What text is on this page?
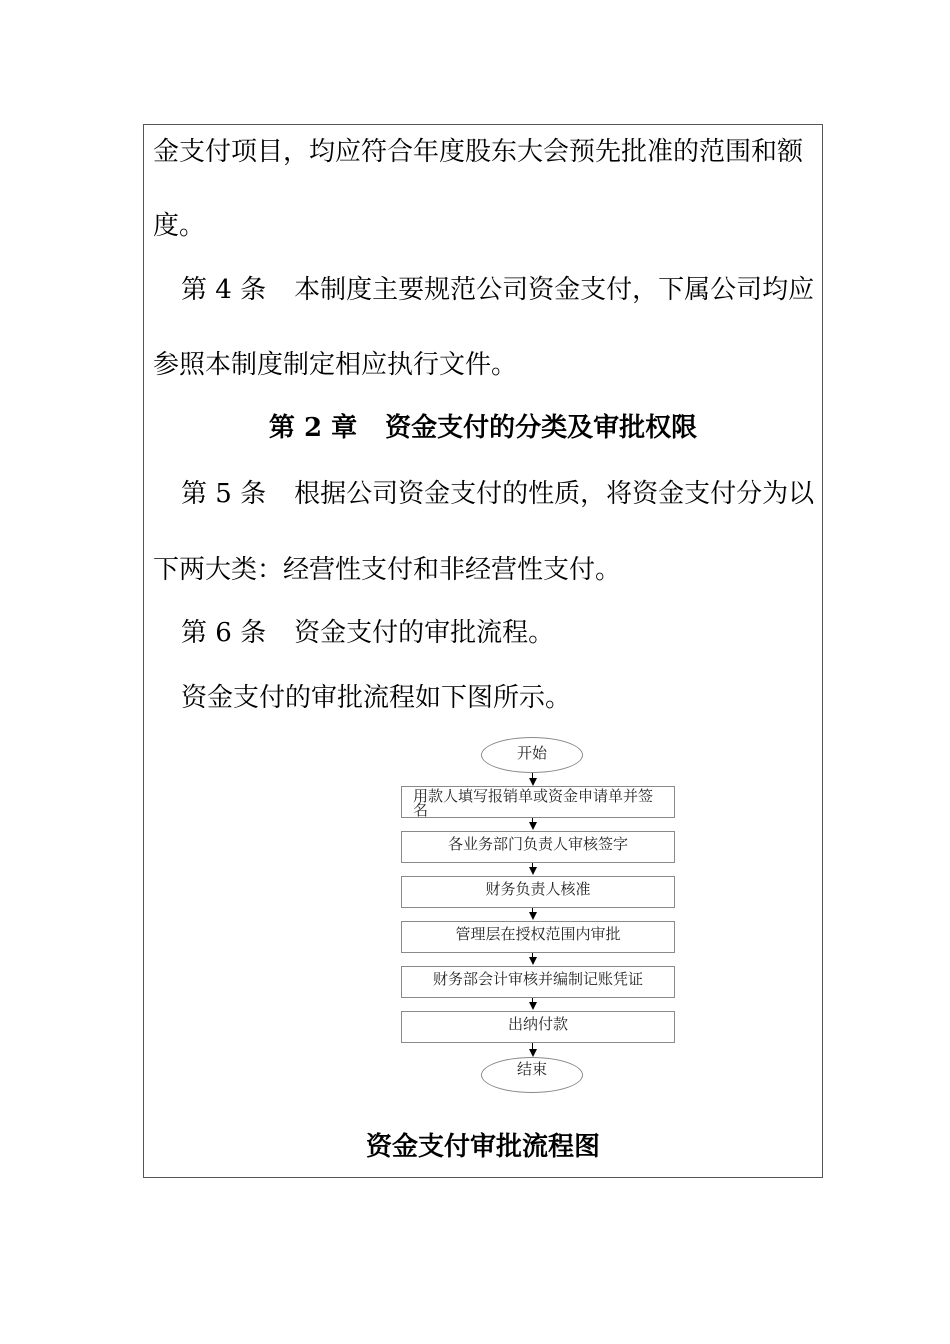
金支付项目，均应符合年度股东大会预先批准的范围和额
度。
第 4 条 本制度主要规范公司资金支付，下属公司均应
参照本制度制定相应执行文件。
第 2 章 资金支付的分类及审批权限
第 5 条 根据公司资金支付的性质，将资金支付分为以
下两大类：经营性支付和非经营性支付。
第 6 条 资金支付的审批流程。
资金支付的审批流程如下图所示。
开始
用款人填写报销单或资金申请单并签名
各业务部门负责人审核签字
财务负责人核准
管理层在授权范围内审批
财务部会计审核并编制记账凭证
出纳付款
结束
资金支付审批流程图
